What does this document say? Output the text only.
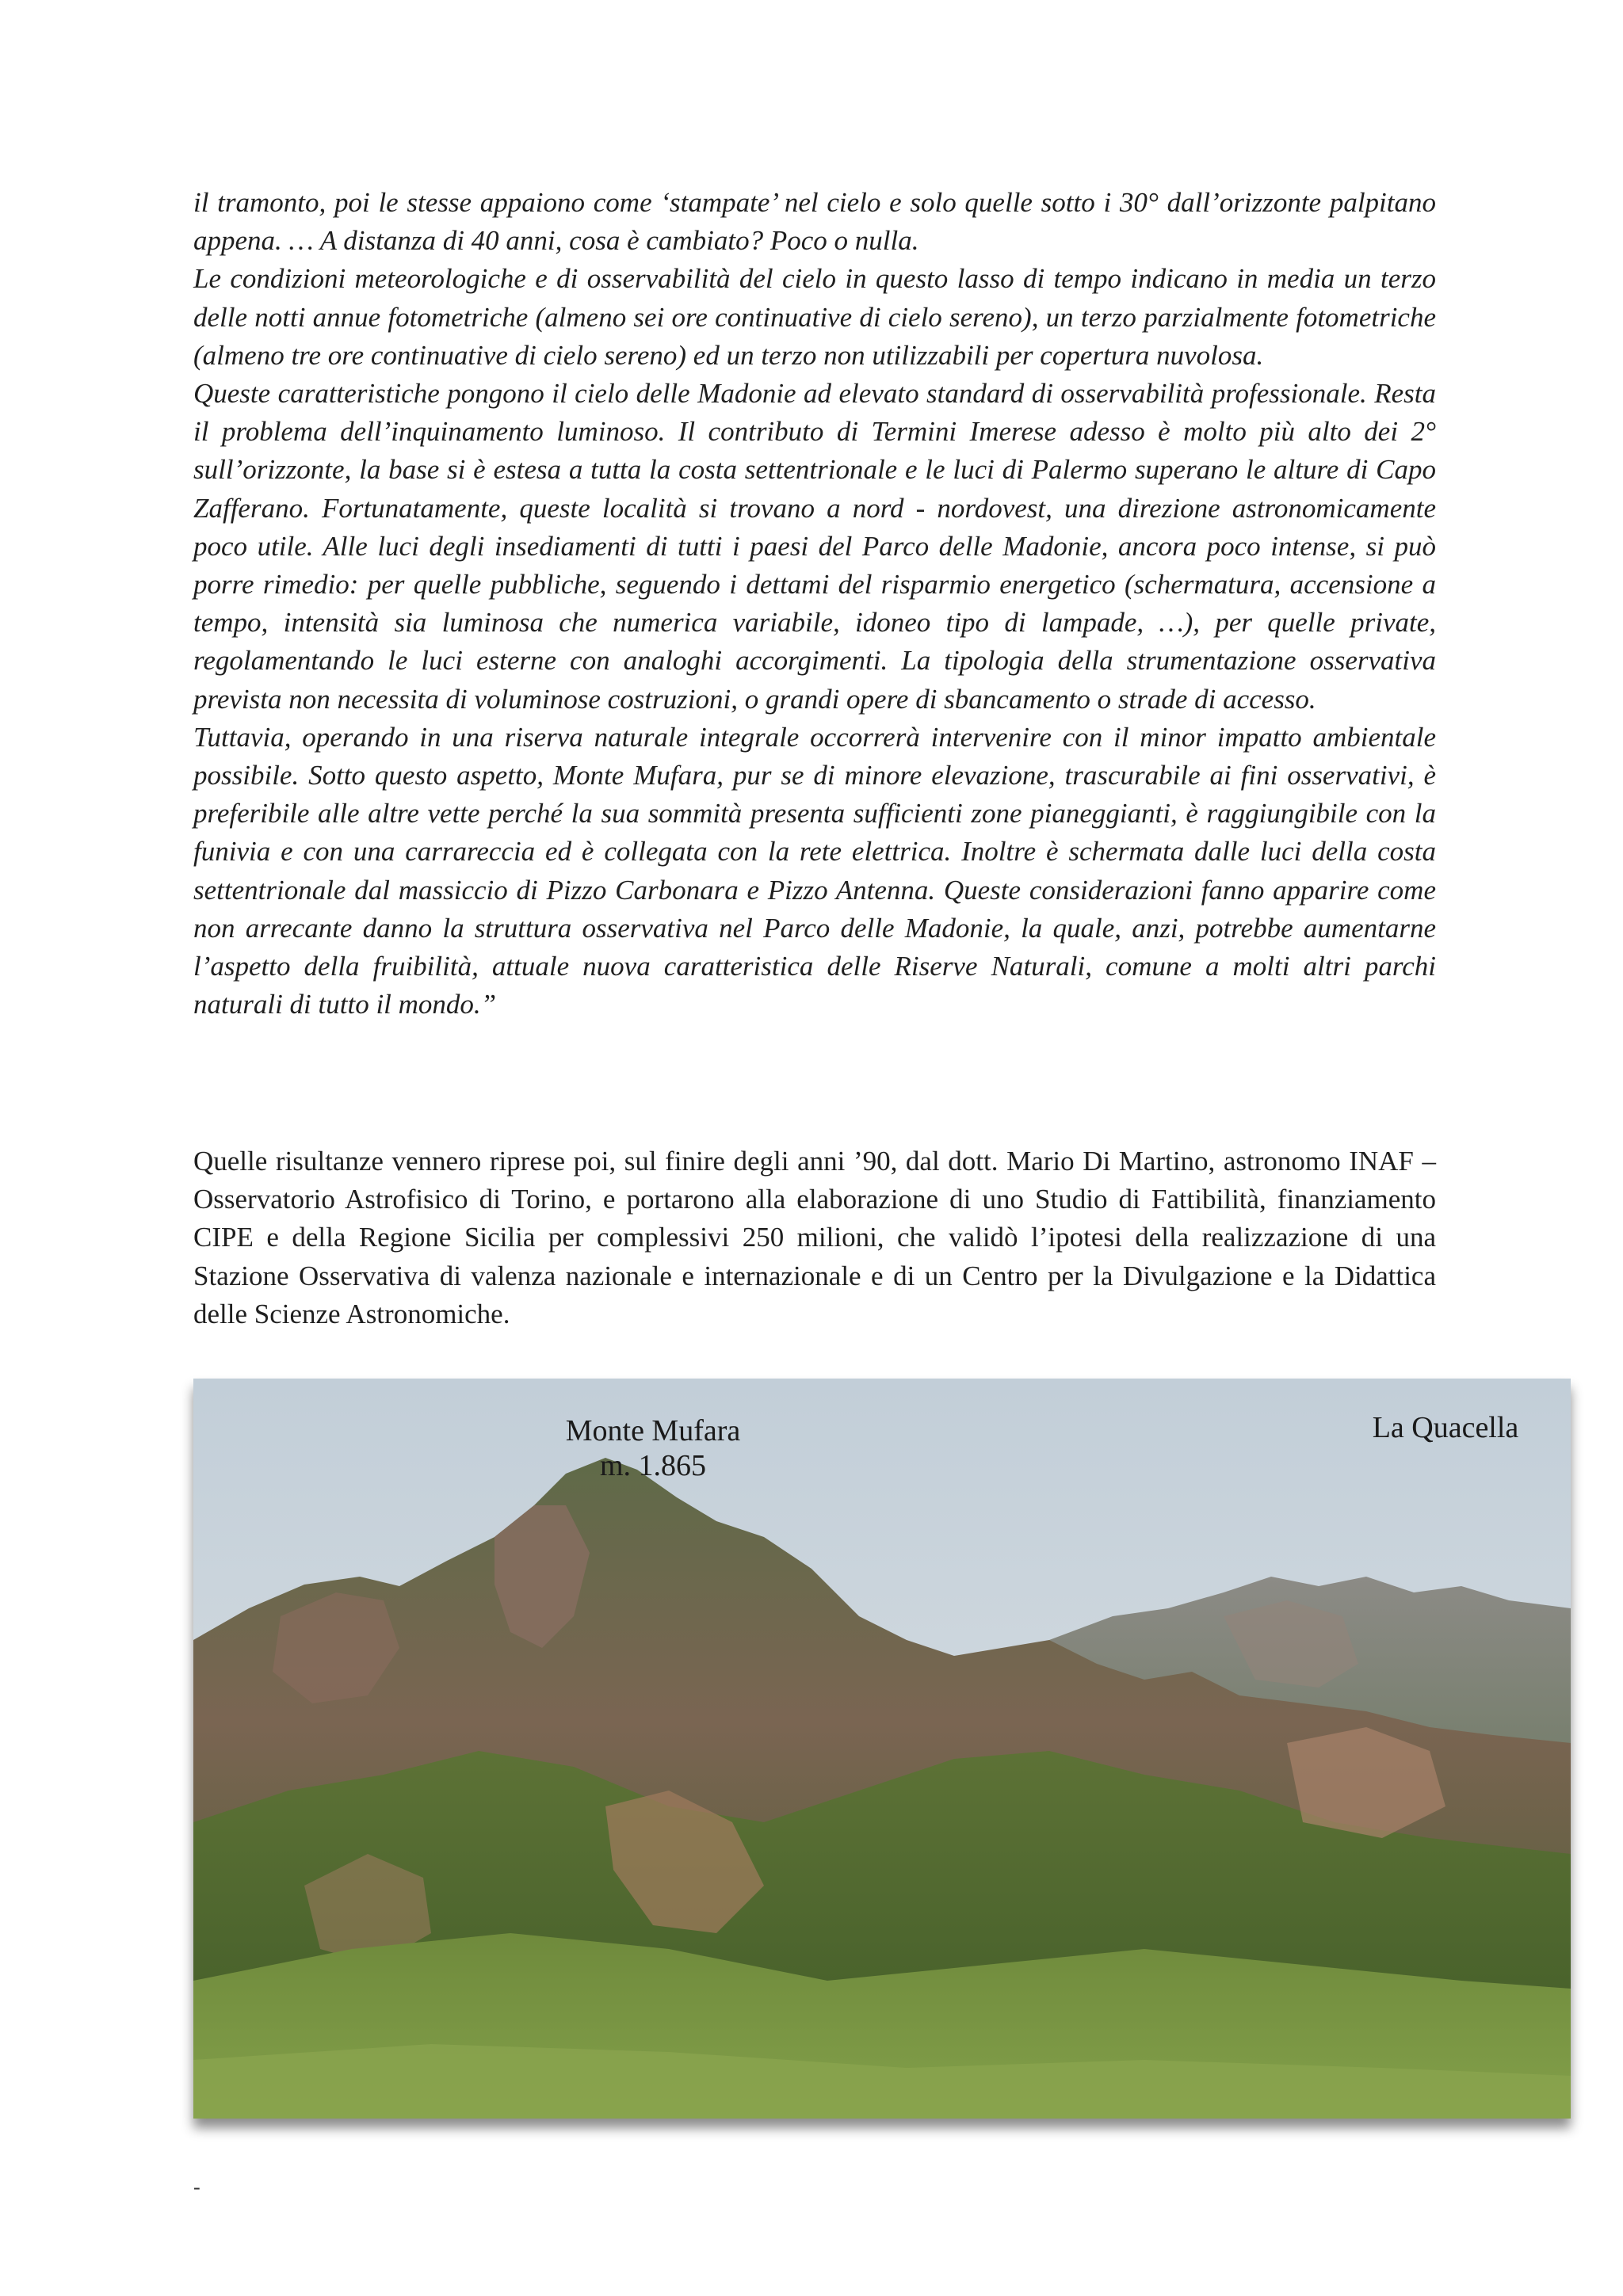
il tramonto, poi le stesse appaiono come ‘stampate’ nel cielo e solo quelle sotto i 30° dall’orizzonte palpitano appena. … A distanza di 40 anni, cosa è cambiato? Poco o nulla.

Le condizioni meteorologiche e di osservabilità del cielo in questo lasso di tempo indicano in media un terzo delle notti annue fotometriche (almeno sei ore continuative di cielo sereno), un terzo parzialmente fotometriche (almeno tre ore continuative di cielo sereno) ed un terzo non utilizzabili per copertura nuvolosa.

Queste caratteristiche pongono il cielo delle Madonie ad elevato standard di osservabilità professionale. Resta il problema dell’inquinamento luminoso. Il contributo di Termini Imerese adesso è molto più alto dei 2° sull’orizzonte, la base si è estesa a tutta la costa settentrionale e le luci di Palermo superano le alture di Capo Zafferano. Fortunatamente, queste località si trovano a nord - nordovest, una direzione astronomicamente poco utile. Alle luci degli insediamenti di tutti i paesi del Parco delle Madonie, ancora poco intense, si può porre rimedio: per quelle pubbliche, seguendo i dettami del risparmio energetico (schermatura, accensione a tempo, intensità sia luminosa che numerica variabile, idoneo tipo di lampade, …), per quelle private, regolamentando le luci esterne con analoghi accorgimenti. La tipologia della strumentazione osservativa prevista non necessita di voluminose costruzioni, o grandi opere di sbancamento o strade di accesso.

Tuttavia, operando in una riserva naturale integrale occorrerà intervenire con il minor impatto ambientale possibile. Sotto questo aspetto, Monte Mufara, pur se di minore elevazione, trascurabile ai fini osservativi, è preferibile alle altre vette perché la sua sommità presenta sufficienti zone pianeggianti, è raggiungibile con la funivia e con una carrareccia ed è collegata con la rete elettrica. Inoltre è schermata dalle luci della costa settentrionale dal massiccio di Pizzo Carbonara e Pizzo Antenna. Queste considerazioni fanno apparire come non arrecante danno la struttura osservativa nel Parco delle Madonie, la quale, anzi, potrebbe aumentarne l’aspetto della fruibilità, attuale nuova caratteristica delle Riserve Naturali, comune a molti altri parchi naturali di tutto il mondo.”

Quelle risultanze vennero riprese poi, sul finire degli anni ’90, dal dott. Mario Di Martino, astronomo INAF – Osservatorio Astrofisico di Torino, e portarono alla elaborazione di uno Studio di Fattibilità, finanziamento CIPE e della Regione Sicilia per complessivi 250 milioni, che validò l’ipotesi della realizzazione di una Stazione Osservativa di valenza nazionale e internazionale e di un Centro per la Divulgazione e la Didattica delle Scienze Astronomiche.

Monte Mufara
m. 1.865
La Quacella
-
